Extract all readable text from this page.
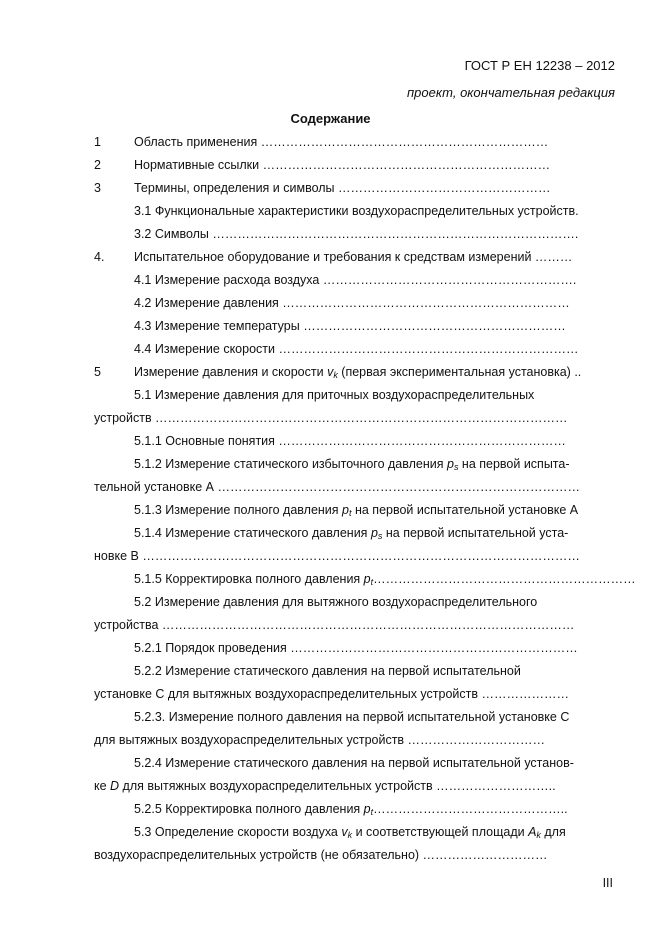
ГОСТ Р ЕН 12238 – 2012
проект, окончательная редакция
Содержание
1	Область применения ……………………………………………………………
2	Нормативные ссылки ……………………………………………………………
3	Термины, определения и символы ……………………………………………
3.1 Функциональные характеристики воздухораспределительных устройств.
3.2 Символы …………………………………………………………………………….
4. Испытательное оборудование и требования к средствам измерений ………
4.1 Измерение расхода воздуха …………………………………………………….
4.2 Измерение давления ……………………………………………………………
4.3 Измерение температуры ………………………………………………………
4.4 Измерение скорости ………………………………………………………………
5	Измерение давления и скорости vk (первая экспериментальная установка) ..
5.1 Измерение давления для приточных воздухораспределительных
устройств ………………………………………………………………………………………
5.1.1 Основные понятия ……………………………………………………………
5.1.2 Измерение статического избыточного давления ps на первой испыта-
тельной установке А ……………………………………………………………………………
5.1.3 Измерение полного давления pt на первой испытательной установке А
5.1.4 Измерение статического давления ps на первой испытательной уста-
новке В ……………………………………………………………………………………………
5.1.5 Корректировка полного давления pt………………………………………………………
5.2 Измерение давления для вытяжного воздухораспределительного
устройства ………………………………………………………………………………………
5.2.1 Порядок проведения ……………………………………………………………
5.2.2 Измерение статического давления на первой испытательной
установке С для вытяжных воздухораспределительных устройств …………………
5.2.3. Измерение полного давления на первой испытательной установке С
для вытяжных воздухораспределительных устройств ……………………………
5.2.4 Измерение статического давления на первой испытательной установ-
ке D для вытяжных воздухораспределительных устройств ………………………..
5.2.5 Корректировка полного давления pt………………………………………..
5.3 Определение скорости воздуха vk и соответствующей площади Ak для
воздухораспределительных устройств (не обязательно) …………………………
III
